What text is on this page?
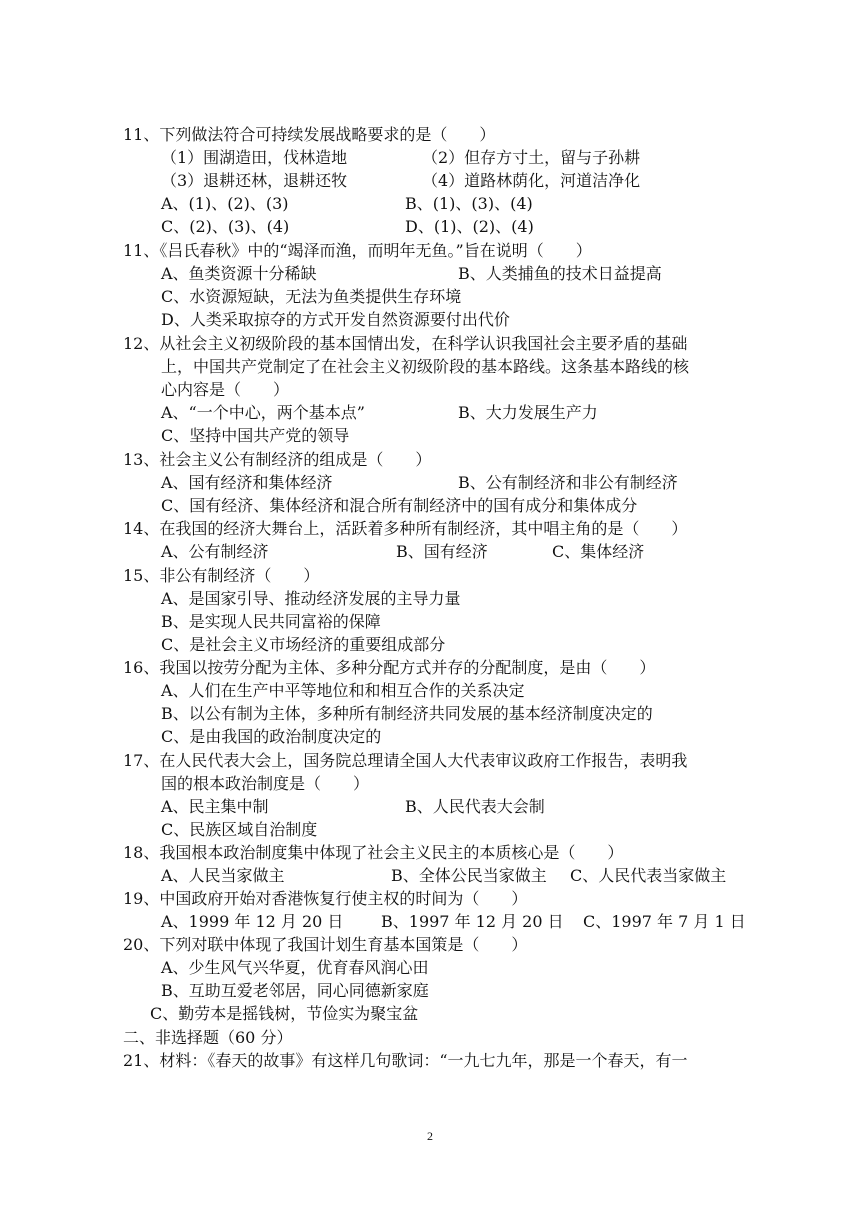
11、下列做法符合可持续发展战略要求的是（　　）
（1）围湖造田，伐林造地	（2）但存方寸土，留与子孙耕
（3）退耕还林，退耕还牧	（4）道路林荫化，河道洁净化
A、(1)、(2)、(3)	B、(1)、(3)、(4)
C、(2)、(3)、(4)	D、(1)、(2)、(4)
11、《吕氏春秋》中的“竭泽而渔，而明年无鱼。”旨在说明（　　）
A、鱼类资源十分稀缺	B、人类捕鱼的技术日益提高
C、水资源短缺，无法为鱼类提供生存环境
D、人类采取掠夺的方式开发自然资源要付出代价
12、从社会主义初级阶段的基本国情出发，在科学认识我国社会主要矛盾的基础
上，中国共产党制定了在社会主义初级阶段的基本路线。这条基本路线的核
心内容是（　　）
A、“一个中心，两个基本点”	B、大力发展生产力
C、坚持中国共产党的领导
13、社会主义公有制经济的组成是（　　）
A、国有经济和集体经济	B、公有制经济和非公有制经济
C、国有经济、集体经济和混合所有制经济中的国有成分和集体成分
14、在我国的经济大舞台上，活跃着多种所有制经济，其中唱主角的是（　　）
A、公有制经济	B、国有经济	C、集体经济
15、非公有制经济（　　）
A、是国家引导、推动经济发展的主导力量
B、是实现人民共同富裕的保障
C、是社会主义市场经济的重要组成部分
16、我国以按劳分配为主体、多种分配方式并存的分配制度，是由（　　）
A、人们在生产中平等地位和和相互合作的关系决定
B、以公有制为主体，多种所有制经济共同发展的基本经济制度决定的
C、是由我国的政治制度决定的
17、在人民代表大会上，国务院总理请全国人大代表审议政府工作报告，表明我
国的根本政治制度是（　　）
A、民主集中制	B、人民代表大会制
C、民族区域自治制度
18、我国根本政治制度集中体现了社会主义民主的本质核心是（　　）
A、人民当家做主	B、全体公民当家做主 C、人民代表当家做主
19、中国政府开始对香港恢复行使主权的时间为（　　）
A、1999 年 12 月 20 日 B、1997 年 12 月 20 日 C、1997 年 7 月 1 日
20、下列对联中体现了我国计划生育基本国策是（　　）
A、少生风气兴华夏，优育春风润心田
B、互助互爱老邻居，同心同德新家庭
C、勤劳本是摇钱树，节俭实为聚宝盆
二、非选择题（60 分）
21、材料：《春天的故事》有这样几句歌词：“一九七九年，那是一个春天，有一
2
